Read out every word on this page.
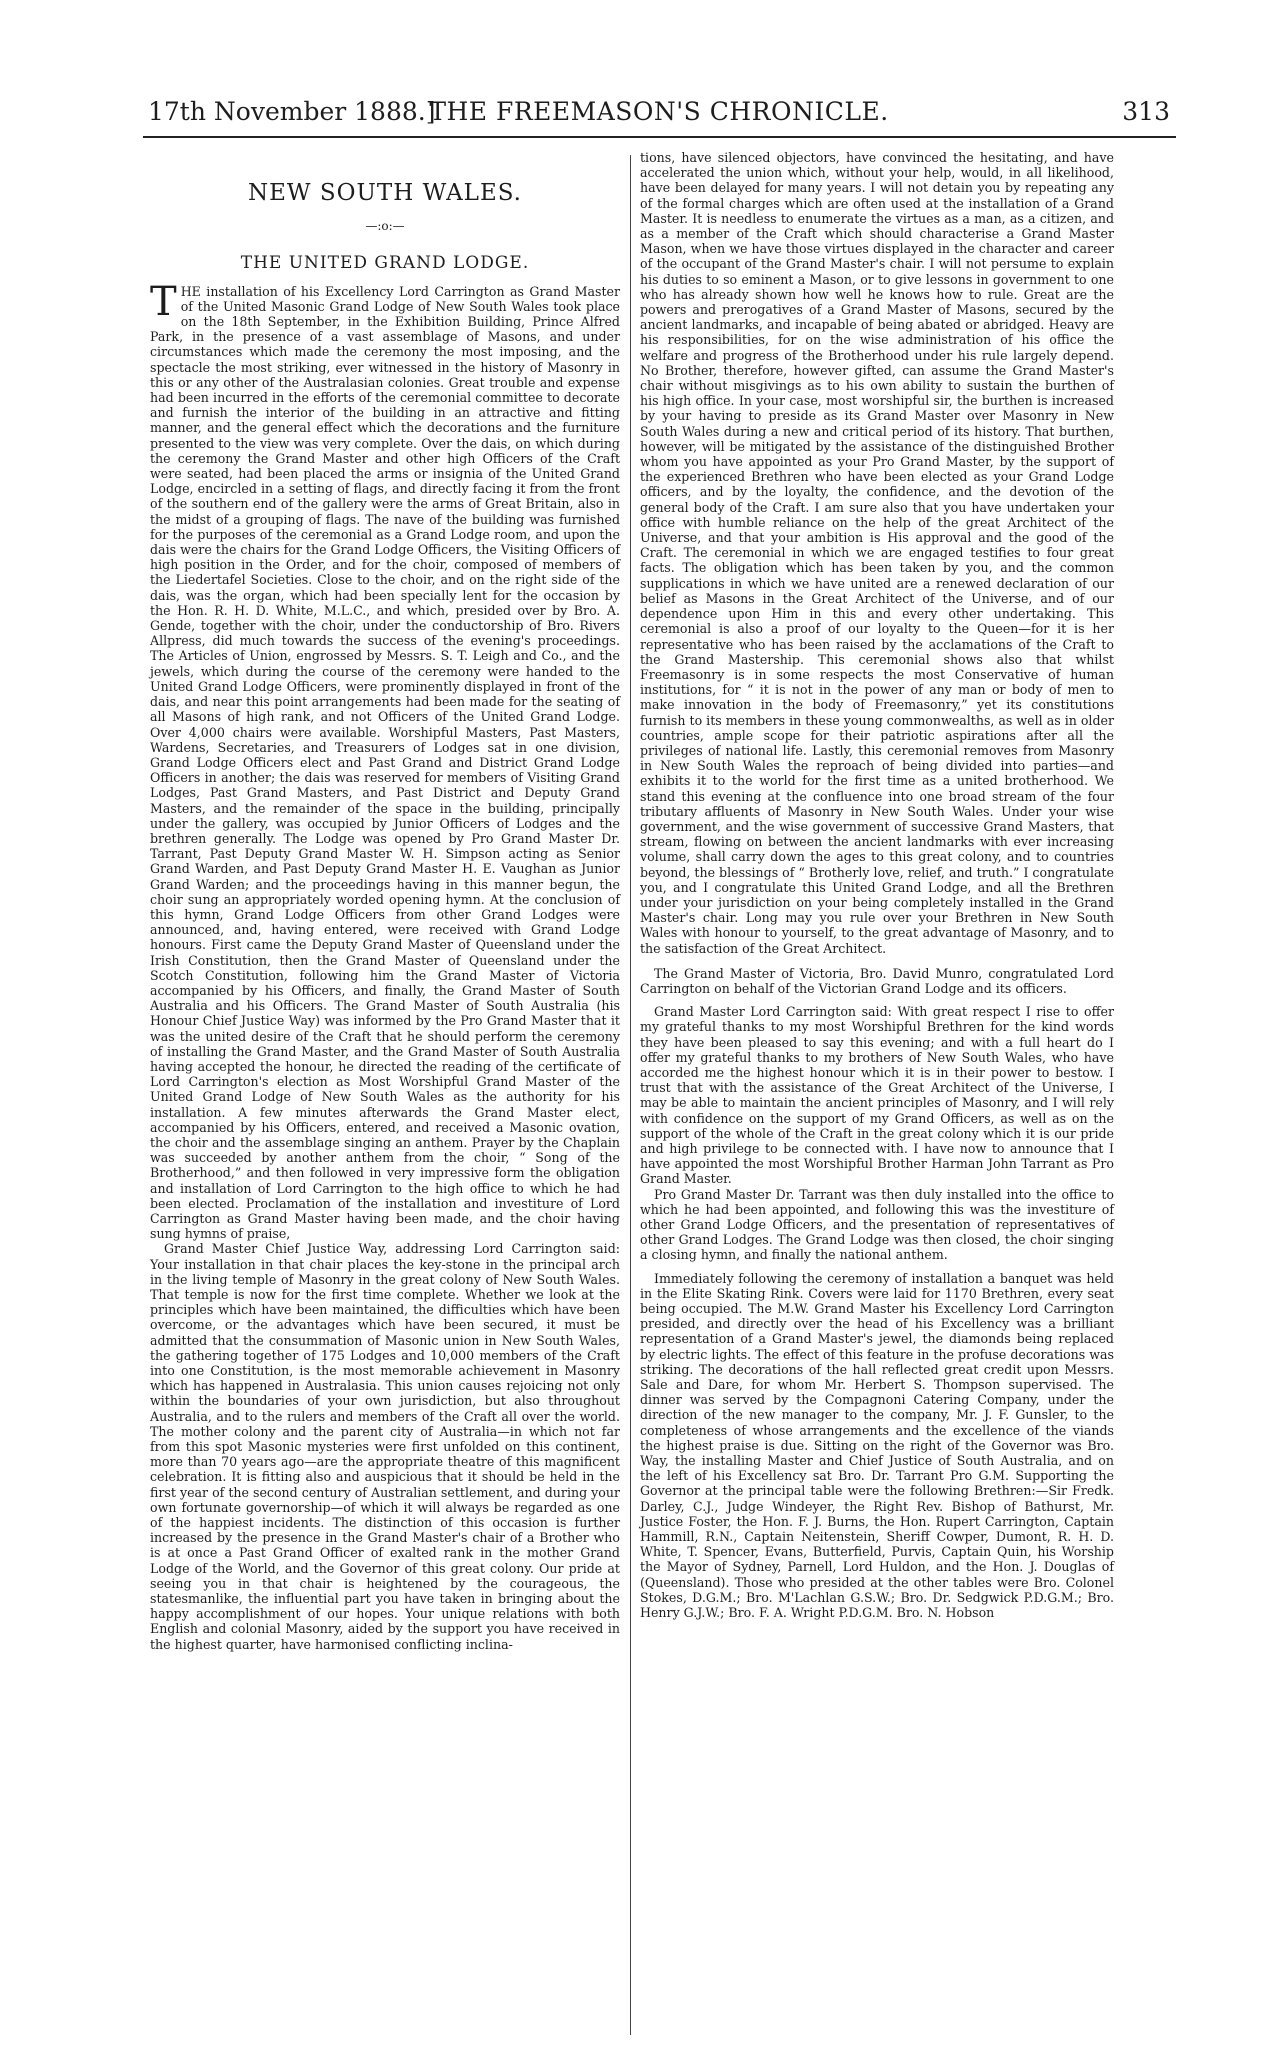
17th November 1888.]
THE FREEMASON'S CHRONICLE.	313
NEW SOUTH WALES.
—:o:—
THE UNITED GRAND LODGE.

THE installation of his Excellency Lord Carrington as Grand Master of the United Masonic Grand Lodge of New South Wales took place on the 18th September, in the Exhibition Building, Prince Alfred Park, in the presence of a vast assemblage of Masons, and under circumstances which made the ceremony the most imposing, and the spectacle the most striking, ever witnessed in the history of Masonry in this or any other of the Australasian colonies. Great trouble and expense had been incurred in the efforts of the ceremonial committee to decorate and furnish the interior of the building in an attractive and fitting manner, and the general effect which the decorations and the furniture presented to the view was very complete. Over the dais, on which during the ceremony the Grand Master and other high Officers of the Craft were seated, had been placed the arms or insignia of the United Grand Lodge, encircled in a setting of flags, and directly facing it from the front of the southern end of the gallery were the arms of Great Britain, also in the midst of a grouping of flags. The nave of the building was furnished for the purposes of the ceremonial as a Grand Lodge room, and upon the dais were the chairs for the Grand Lodge Officers, the Visiting Officers of high position in the Order, and for the choir, composed of members of the Liedertafel Societies. Close to the choir, and on the right side of the dais, was the organ, which had been specially lent for the occasion by the Hon. R. H. D. White, M.L.C., and which, presided over by Bro. A. Gende, together with the choir, under the conductorship of Bro. Rivers Allpress, did much towards the success of the evening's proceedings. The Articles of Union, engrossed by Messrs. S. T. Leigh and Co., and the jewels, which during the course of the ceremony were handed to the United Grand Lodge Officers, were prominently displayed in front of the dais, and near this point arrangements had been made for the seating of all Masons of high rank, and not Officers of the United Grand Lodge. Over 4,000 chairs were available. Worshipful Masters, Past Masters, Wardens, Secretaries, and Treasurers of Lodges sat in one division, Grand Lodge Officers elect and Past Grand and District Grand Lodge Officers in another; the dais was reserved for members of Visiting Grand Lodges, Past Grand Masters, and Past District and Deputy Grand Masters, and the remainder of the space in the building, principally under the gallery, was occupied by Junior Officers of Lodges and the brethren generally. The Lodge was opened by Pro Grand Master Dr. Tarrant, Past Deputy Grand Master W. H. Simpson acting as Senior Grand Warden, and Past Deputy Grand Master H. E. Vaughan as Junior Grand Warden; and the proceedings having in this manner begun, the choir sung an appropriately worded opening hymn. At the conclusion of this hymn, Grand Lodge Officers from other Grand Lodges were announced, and, having entered, were received with Grand Lodge honours. First came the Deputy Grand Master of Queensland under the Irish Constitution, then the Grand Master of Queensland under the Scotch Constitution, following him the Grand Master of Victoria accompanied by his Officers, and finally, the Grand Master of South Australia and his Officers. The Grand Master of South Australia (his Honour Chief Justice Way) was informed by the Pro Grand Master that it was the united desire of the Craft that he should perform the ceremony of installing the Grand Master, and the Grand Master of South Australia having accepted the honour, he directed the reading of the certificate of Lord Carrington's election as Most Worshipful Grand Master of the United Grand Lodge of New South Wales as the authority for his installation. A few minutes afterwards the Grand Master elect, accompanied by his Officers, entered, and received a Masonic ovation, the choir and the assemblage singing an anthem. Prayer by the Chaplain was succeeded by another anthem from the choir, “ Song of the Brotherhood,” and then followed in very impressive form the obligation and installation of Lord Carrington to the high office to which he had been elected. Proclamation of the installation and investiture of Lord Carrington as Grand Master having been made, and the choir having sung hymns of praise,

Grand Master Chief Justice Way, addressing Lord Carrington said: Your installation in that chair places the key-stone in the principal arch in the living temple of Masonry in the great colony of New South Wales. That temple is now for the first time complete. Whether we look at the principles which have been maintained, the difficulties which have been overcome, or the advantages which have been secured, it must be admitted that the consummation of Masonic union in New South Wales, the gathering together of 175 Lodges and 10,000 members of the Craft into one Constitution, is the most memorable achievement in Masonry which has happened in Australasia. This union causes rejoicing not only within the boundaries of your own jurisdiction, but also throughout Australia, and to the rulers and members of the Craft all over the world. The mother colony and the parent city of Australia—in which not far from this spot Masonic mysteries were first unfolded on this continent, more than 70 years ago—are the appropriate theatre of this magnificent celebration. It is fitting also and auspicious that it should be held in the first year of the second century of Australian settlement, and during your own fortunate governorship—of which it will always be regarded as one of the happiest incidents. The distinction of this occasion is further increased by the presence in the Grand Master's chair of a Brother who is at once a Past Grand Officer of exalted rank in the mother Grand Lodge of the World, and the Governor of this great colony. Our pride at seeing you in that chair is heightened by the courageous, the statesmanlike, the influential part you have taken in bringing about the happy accomplishment of our hopes. Your unique relations with both English and colonial Masonry, aided by the support you have received in the highest quarter, have harmonised conflicting inclina-

tions, have silenced objectors, have convinced the hesitating, and have accelerated the union which, without your help, would, in all likelihood, have been delayed for many years. I will not detain you by repeating any of the formal charges which are often used at the installation of a Grand Master. It is needless to enumerate the virtues as a man, as a citizen, and as a member of the Craft which should characterise a Grand Master Mason, when we have those virtues displayed in the character and career of the occupant of the Grand Master's chair. I will not persume to explain his duties to so eminent a Mason, or to give lessons in government to one who has already shown how well he knows how to rule. Great are the powers and prerogatives of a Grand Master of Masons, secured by the ancient landmarks, and incapable of being abated or abridged. Heavy are his responsibilities, for on the wise administration of his office the welfare and progress of the Brotherhood under his rule largely depend. No Brother, therefore, however gifted, can assume the Grand Master's chair without misgivings as to his own ability to sustain the burthen of his high office. In your case, most worshipful sir, the burthen is increased by your having to preside as its Grand Master over Masonry in New South Wales during a new and critical period of its history. That burthen, however, will be mitigated by the assistance of the distinguished Brother whom you have appointed as your Pro Grand Master, by the support of the experienced Brethren who have been elected as your Grand Lodge officers, and by the loyalty, the confidence, and the devotion of the general body of the Craft. I am sure also that you have undertaken your office with humble reliance on the help of the great Architect of the Universe, and that your ambition is His approval and the good of the Craft. The ceremonial in which we are engaged testifies to four great facts. The obligation which has been taken by you, and the common supplications in which we have united are a renewed declaration of our belief as Masons in the Great Architect of the Universe, and of our dependence upon Him in this and every other undertaking. This ceremonial is also a proof of our loyalty to the Queen—for it is her representative who has been raised by the acclamations of the Craft to the Grand Mastership. This ceremonial shows also that whilst Freemasonry is in some respects the most Conservative of human institutions, for “ it is not in the power of any man or body of men to make innovation in the body of Freemasonry,” yet its constitutions furnish to its members in these young commonwealths, as well as in older countries, ample scope for their patriotic aspirations after all the privileges of national life. Lastly, this ceremonial removes from Masonry in New South Wales the reproach of being divided into parties—and exhibits it to the world for the first time as a united brotherhood. We stand this evening at the confluence into one broad stream of the four tributary affluents of Masonry in New South Wales. Under your wise government, and the wise government of successive Grand Masters, that stream, flowing on between the ancient landmarks with ever increasing volume, shall carry down the ages to this great colony, and to countries beyond, the blessings of “ Brotherly love, relief, and truth.” I congratulate you, and I congratulate this United Grand Lodge, and all the Brethren under your jurisdiction on your being completely installed in the Grand Master's chair. Long may you rule over your Brethren in New South Wales with honour to yourself, to the great advantage of Masonry, and to the satisfaction of the Great Architect.

The Grand Master of Victoria, Bro. David Munro, congratulated Lord Carrington on behalf of the Victorian Grand Lodge and its officers.

Grand Master Lord Carrington said: With great respect I rise to offer my grateful thanks to my most Worshipful Brethren for the kind words they have been pleased to say this evening; and with a full heart do I offer my grateful thanks to my brothers of New South Wales, who have accorded me the highest honour which it is in their power to bestow. I trust that with the assistance of the Great Architect of the Universe, I may be able to maintain the ancient principles of Masonry, and I will rely with confidence on the support of my Grand Officers, as well as on the support of the whole of the Craft in the great colony which it is our pride and high privilege to be connected with. I have now to announce that I have appointed the most Worshipful Brother Harman John Tarrant as Pro Grand Master.

Pro Grand Master Dr. Tarrant was then duly installed into the office to which he had been appointed, and following this was the investiture of other Grand Lodge Officers, and the presentation of representatives of other Grand Lodges. The Grand Lodge was then closed, the choir singing a closing hymn, and finally the national anthem.

Immediately following the ceremony of installation a banquet was held in the Elite Skating Rink. Covers were laid for 1170 Brethren, every seat being occupied. The M.W. Grand Master his Excellency Lord Carrington presided, and directly over the head of his Excellency was a brilliant representation of a Grand Master's jewel, the diamonds being replaced by electric lights. The effect of this feature in the profuse decorations was striking. The decorations of the hall reflected great credit upon Messrs. Sale and Dare, for whom Mr. Herbert S. Thompson supervised. The dinner was served by the Compagnoni Catering Company, under the direction of the new manager to the company, Mr. J. F. Gunsler, to the completeness of whose arrangements and the excellence of the viands the highest praise is due. Sitting on the right of the Governor was Bro. Way, the installing Master and Chief Justice of South Australia, and on the left of his Excellency sat Bro. Dr. Tarrant Pro G.M. Supporting the Governor at the principal table were the following Brethren:—Sir Fredk. Darley, C.J., Judge Windeyer, the Right Rev. Bishop of Bathurst, Mr. Justice Foster, the Hon. F. J. Burns, the Hon. Rupert Carrington, Captain Hammill, R.N., Captain Neitenstein, Sheriff Cowper, Dumont, R. H. D. White, T. Spencer, Evans, Butterfield, Purvis, Captain Quin, his Worship the Mayor of Sydney, Parnell, Lord Huldon, and the Hon. J. Douglas of (Queensland). Those who presided at the other tables were Bro. Colonel Stokes, D.G.M.; Bro. M'Lachlan G.S.W.; Bro. Dr. Sedgwick P.D.G.M.; Bro. Henry G.J.W.; Bro. F. A. Wright P.D.G.M. Bro. N. Hobson
